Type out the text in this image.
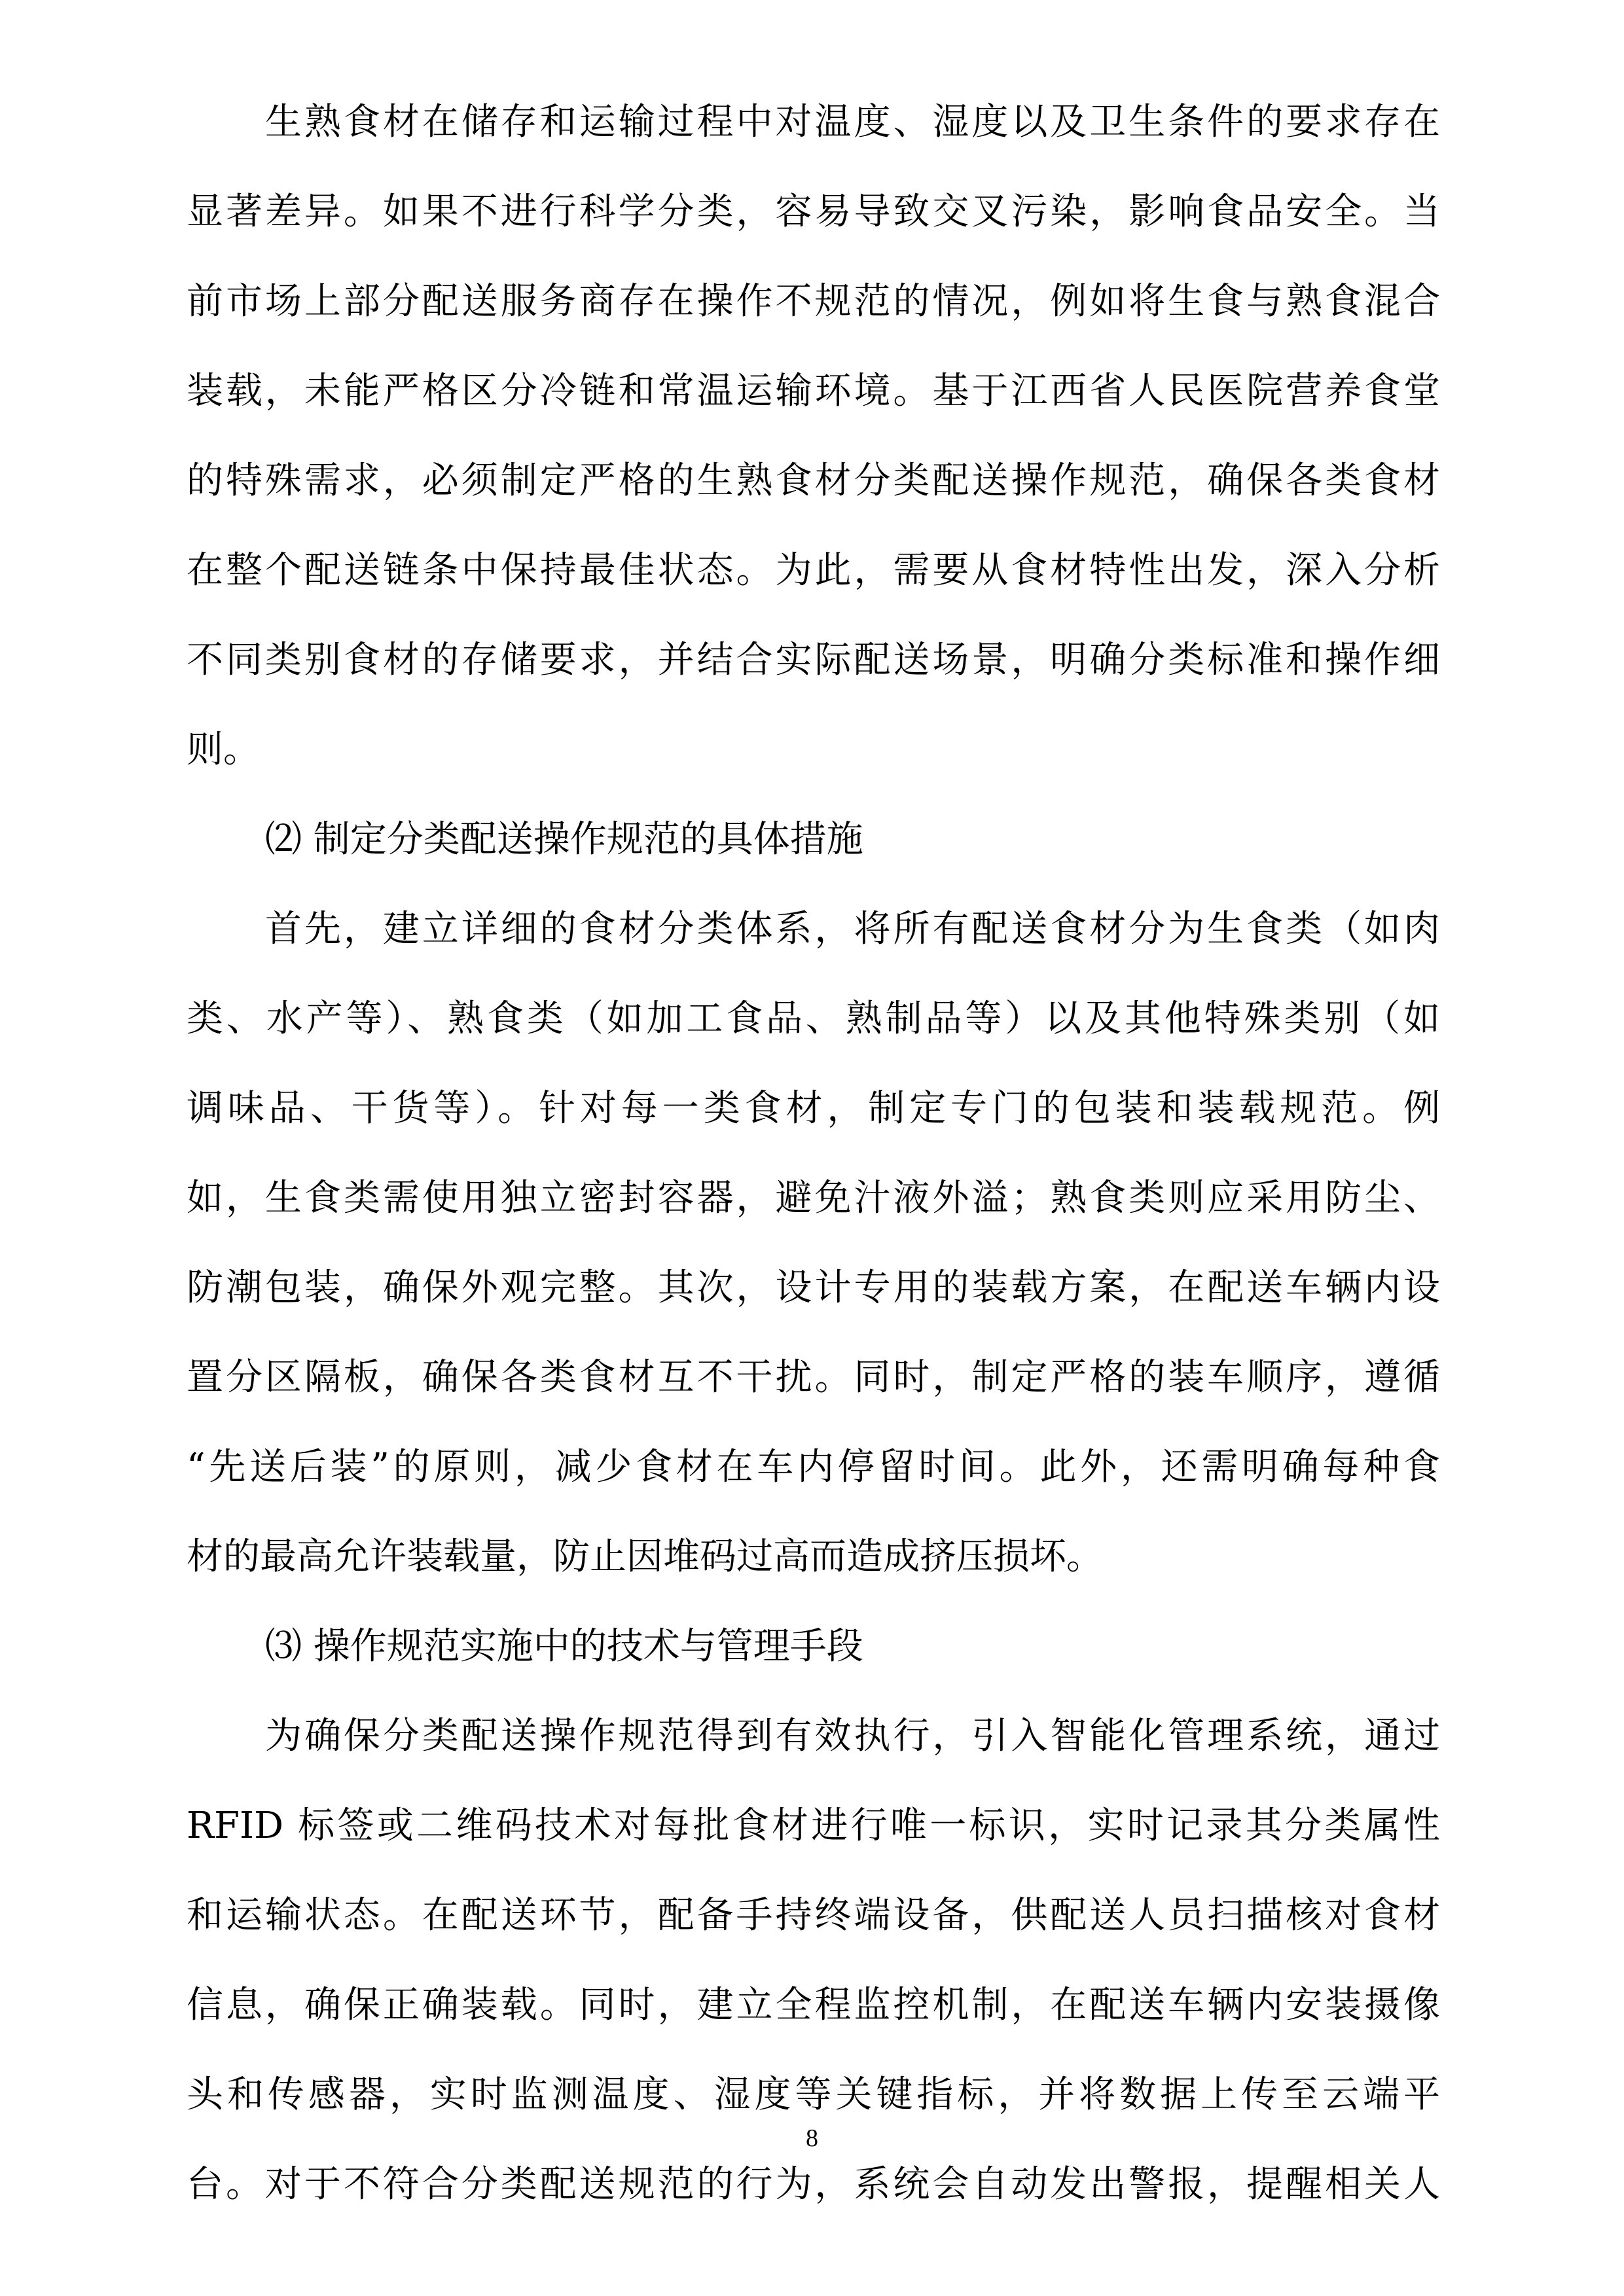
生熟食材在储存和运输过程中对温度、湿度以及卫生条件的要求存在
显著差异。如果不进行科学分类，容易导致交叉污染，影响食品安全。当
前市场上部分配送服务商存在操作不规范的情况，例如将生食与熟食混合
装载，未能严格区分冷链和常温运输环境。基于江西省人民医院营养食堂
的特殊需求，必须制定严格的生熟食材分类配送操作规范，确保各类食材
在整个配送链条中保持最佳状态。为此，需要从食材特性出发，深入分析
不同类别食材的存储要求，并结合实际配送场景，明确分类标准和操作细
则。
⑵ 制定分类配送操作规范的具体措施
首先，建立详细的食材分类体系，将所有配送食材分为生食类（如肉
类、水产等）、熟食类（如加工食品、熟制品等）以及其他特殊类别（如
调味品、干货等）。针对每一类食材，制定专门的包装和装载规范。例
如，生食类需使用独立密封容器，避免汁液外溢；熟食类则应采用防尘、
防潮包装，确保外观完整。其次，设计专用的装载方案，在配送车辆内设
置分区隔板，确保各类食材互不干扰。同时，制定严格的装车顺序，遵循
“先送后装”的原则，减少食材在车内停留时间。此外，还需明确每种食
材的最高允许装载量，防止因堆码过高而造成挤压损坏。
⑶ 操作规范实施中的技术与管理手段
为确保分类配送操作规范得到有效执行，引入智能化管理系统，通过
RFID 标签或二维码技术对每批食材进行唯一标识，实时记录其分类属性
和运输状态。在配送环节，配备手持终端设备，供配送人员扫描核对食材
信息，确保正确装载。同时，建立全程监控机制，在配送车辆内安装摄像
头和传感器，实时监测温度、湿度等关键指标，并将数据上传至云端平
台。对于不符合分类配送规范的行为，系统会自动发出警报，提醒相关人
8
